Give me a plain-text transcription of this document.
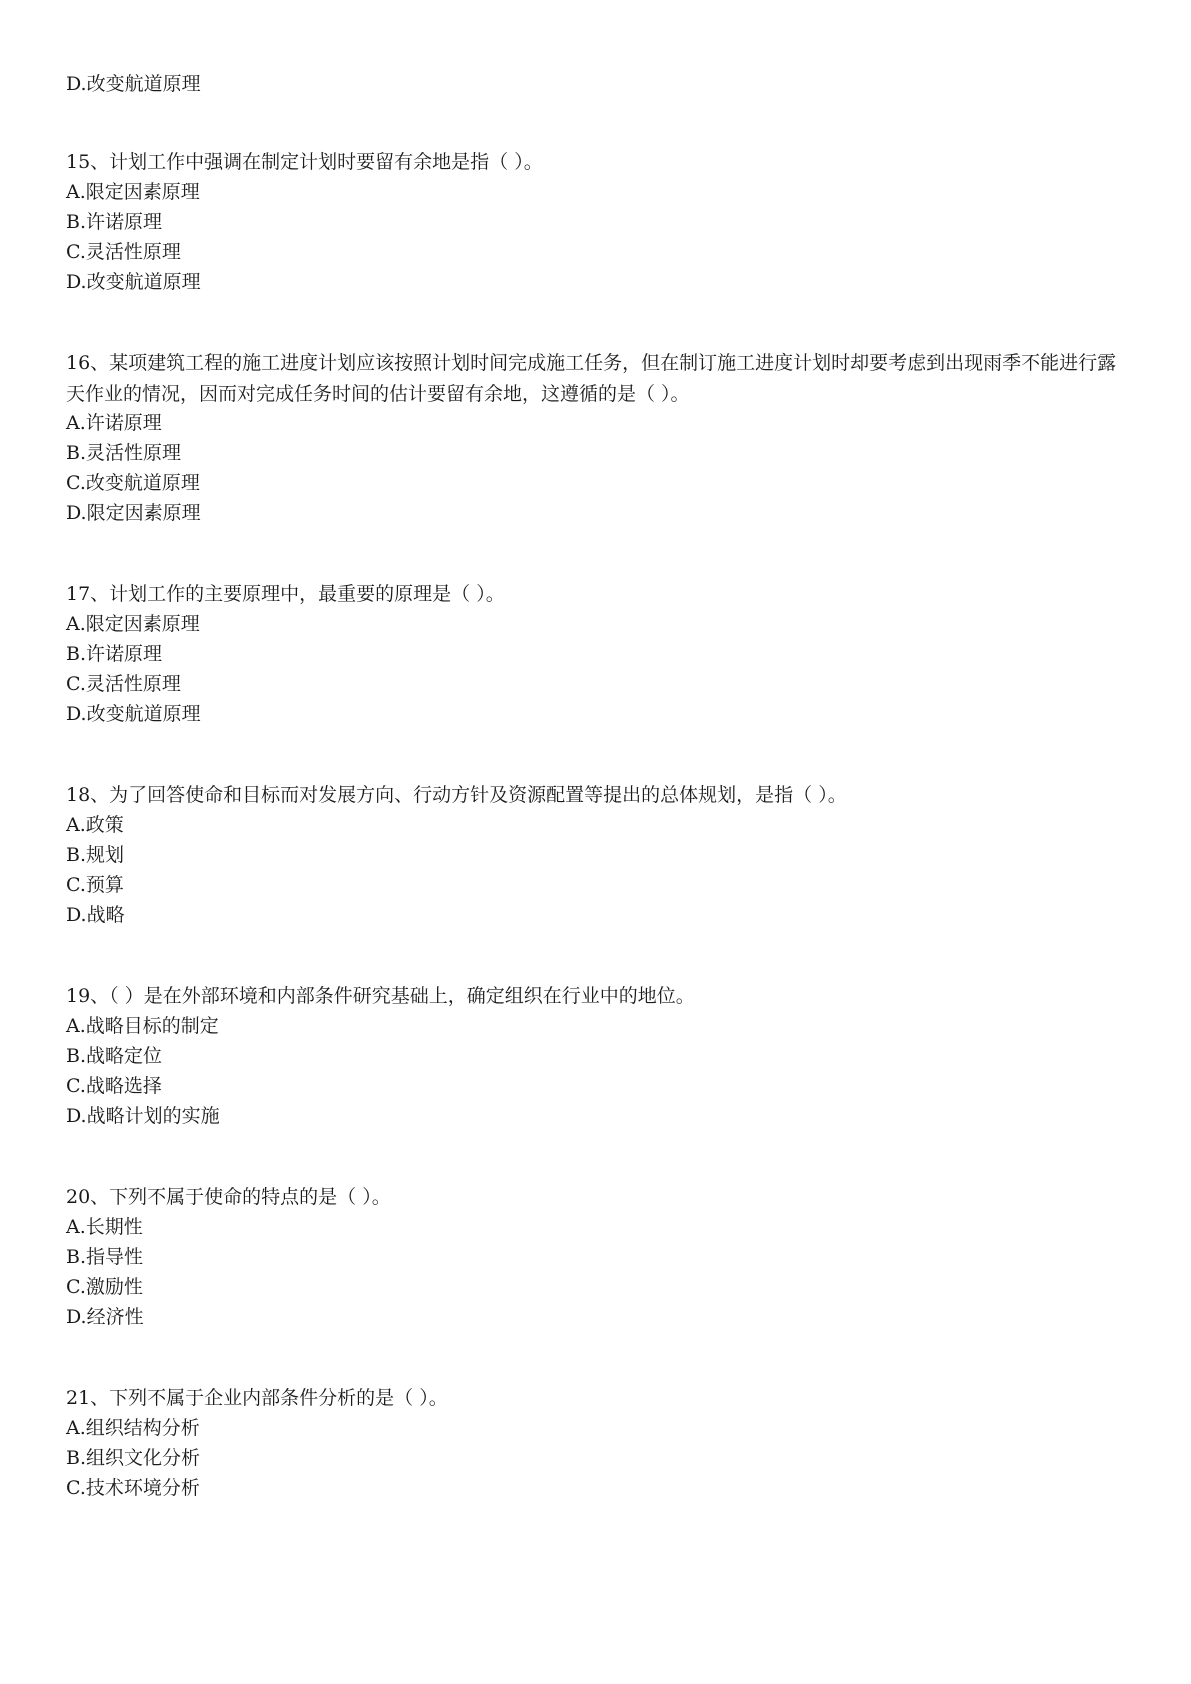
D.改变航道原理
15、计划工作中强调在制定计划时要留有余地是指（ ）。
A.限定因素原理
B.许诺原理
C.灵活性原理
D.改变航道原理
16、某项建筑工程的施工进度计划应该按照计划时间完成施工任务，但在制订施工进度计划时却要考虑到出现雨季不能进行露天作业的情况，因而对完成任务时间的估计要留有余地，这遵循的是（ ）。
A.许诺原理
B.灵活性原理
C.改变航道原理
D.限定因素原理
17、计划工作的主要原理中，最重要的原理是（ ）。
A.限定因素原理
B.许诺原理
C.灵活性原理
D.改变航道原理
18、为了回答使命和目标而对发展方向、行动方针及资源配置等提出的总体规划，是指（ ）。
A.政策
B.规划
C.预算
D.战略
19、（ ）是在外部环境和内部条件研究基础上，确定组织在行业中的地位。
A.战略目标的制定
B.战略定位
C.战略选择
D.战略计划的实施
20、下列不属于使命的特点的是（ ）。
A.长期性
B.指导性
C.激励性
D.经济性
21、下列不属于企业内部条件分析的是（ ）。
A.组织结构分析
B.组织文化分析
C.技术环境分析
